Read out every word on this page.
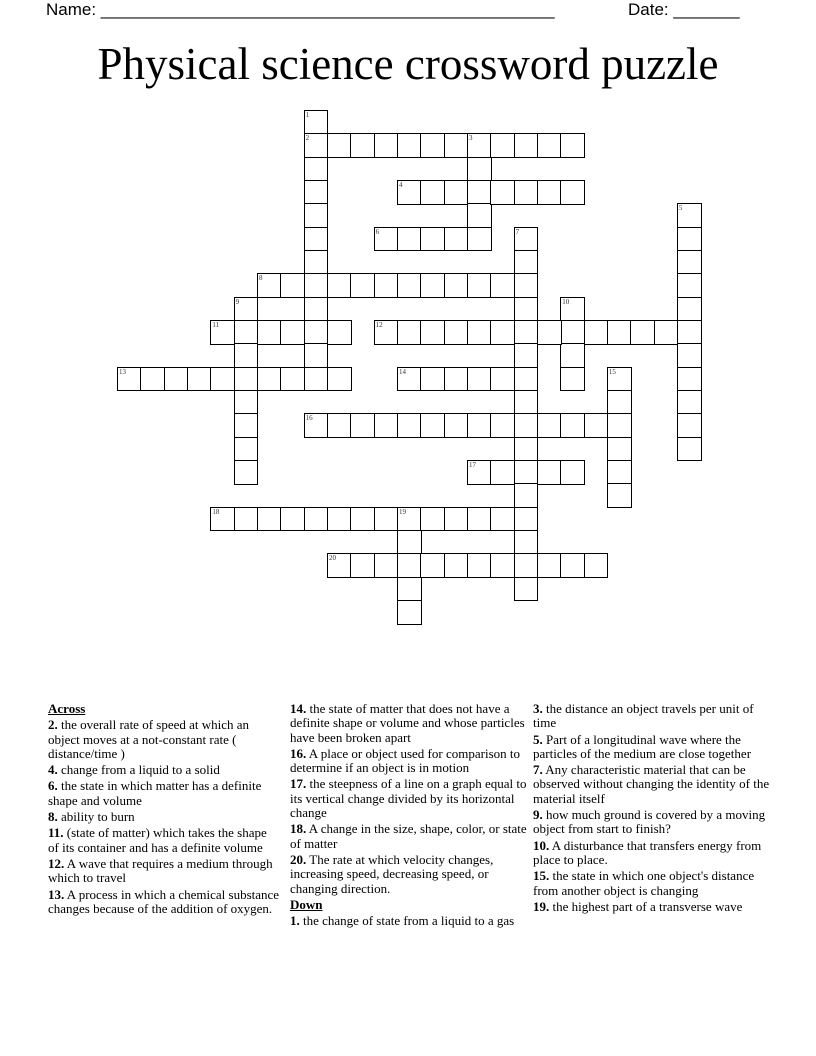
Name: ________________________________________________	Date: _______
Physical science crossword puzzle
1
2	3
4
5
6	7
8
9	10
11	12
13	14	15
16
17
18	19
20
Across
2. the overall rate of speed at which an object moves at a not-constant rate ( distance/time )
4. change from a liquid to a solid
6. the state in which matter has a definite shape and volume
8. ability to burn
11. (state of matter) which takes the shape of its container and has a definite volume
12. A wave that requires a medium through which to travel
13. A process in which a chemical substance changes because of the addition of oxygen.
14. the state of matter that does not have a definite shape or volume and whose particles have been broken apart
16. A place or object used for comparison to determine if an object is in motion
17. the steepness of a line on a graph equal to its vertical change divided by its horizontal change
18. A change in the size, shape, color, or state of matter
20. The rate at which velocity changes, increasing speed, decreasing speed, or changing direction.
Down
1. the change of state from a liquid to a gas
3. the distance an object travels per unit of time
5. Part of a longitudinal wave where the particles of the medium are close together
7. Any characteristic material that can be observed without changing the identity of the material itself
9. how much ground is covered by a moving object from start to finish?
10. A disturbance that transfers energy from place to place.
15. the state in which one object's distance from another object is changing
19. the highest part of a transverse wave
